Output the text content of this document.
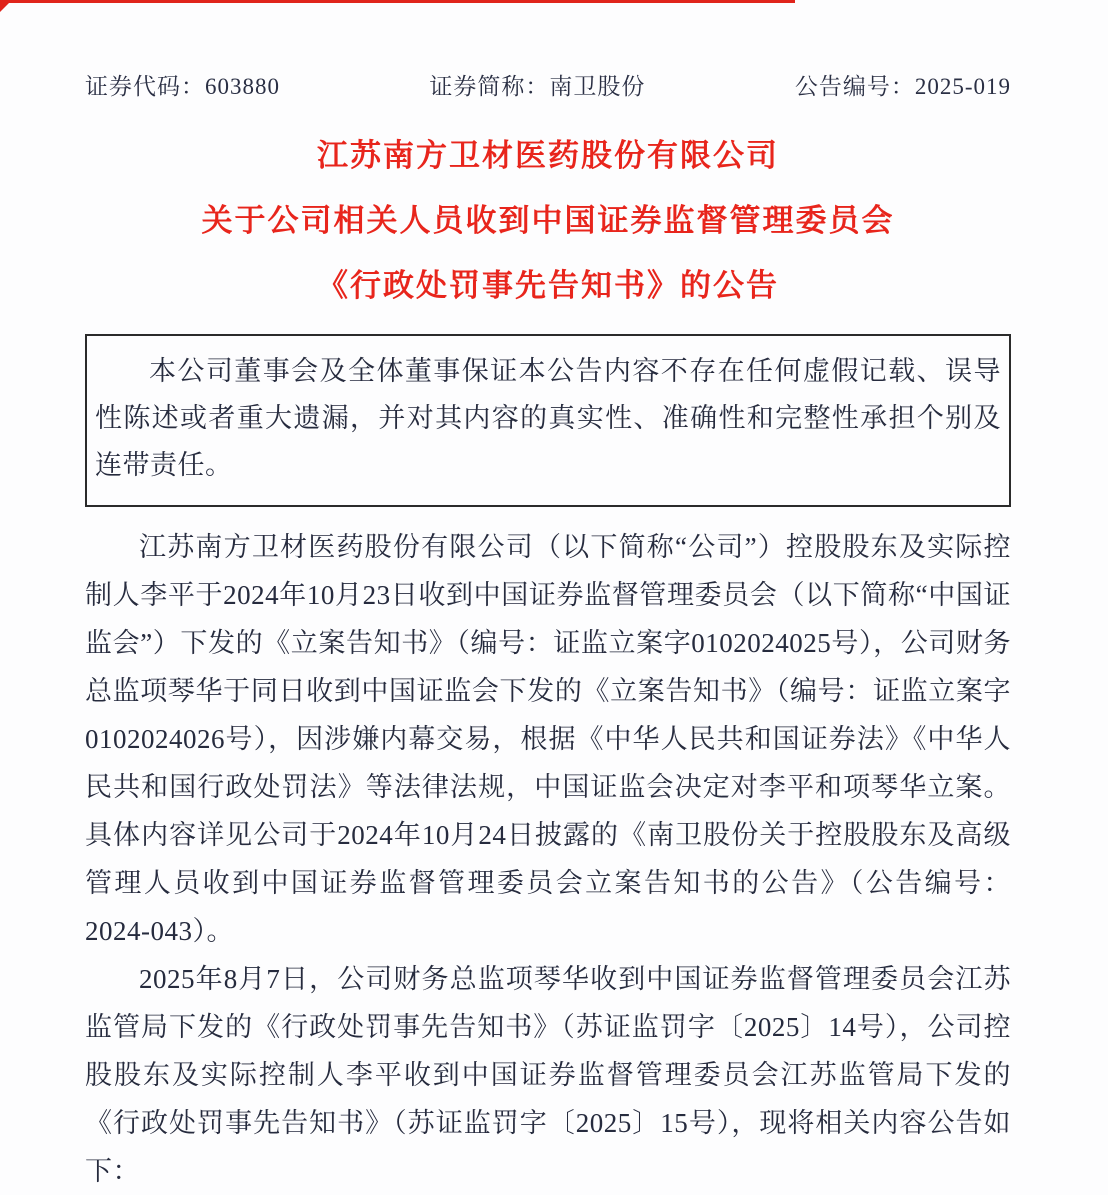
证券代码：603880	证券简称：南卫股份	公告编号：2025-019
江苏南方卫材医药股份有限公司
关于公司相关人员收到中国证券监督管理委员会
《行政处罚事先告知书》的公告
本公司董事会及全体董事保证本公告内容不存在任何虚假记载、误导性陈述或者重大遗漏，并对其内容的真实性、准确性和完整性承担个别及连带责任。

江苏南方卫材医药股份有限公司（以下简称“公司”）控股股东及实际控制人李平于2024年10月23日收到中国证券监督管理委员会（以下简称“中国证监会”）下发的《立案告知书》（编号：证监立案字0102024025号），公司财务总监项琴华于同日收到中国证监会下发的《立案告知书》（编号：证监立案字0102024026号），因涉嫌内幕交易，根据《中华人民共和国证券法》《中华人民共和国行政处罚法》等法律法规，中国证监会决定对李平和项琴华立案。具体内容详见公司于2024年10月24日披露的《南卫股份关于控股股东及高级管理人员收到中国证券监督管理委员会立案告知书的公告》（公告编号：2024-043）。

2025年8月7日，公司财务总监项琴华收到中国证券监督管理委员会江苏监管局下发的《行政处罚事先告知书》（苏证监罚字〔2025〕14号），公司控股股东及实际控制人李平收到中国证券监督管理委员会江苏监管局下发的《行政处罚事先告知书》（苏证监罚字〔2025〕15号），现将相关内容公告如下：
